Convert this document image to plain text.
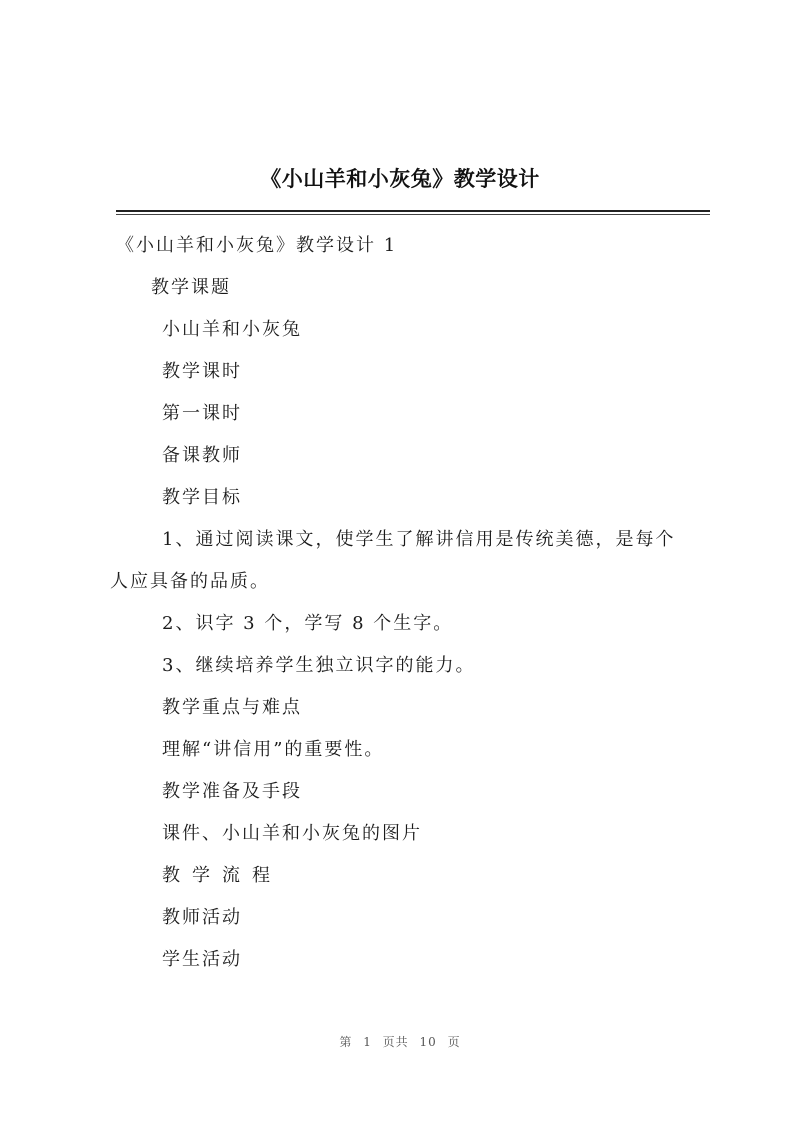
《小山羊和小灰兔》教学设计
《小山羊和小灰兔》教学设计 1
教学课题
小山羊和小灰兔
教学课时
第一课时
备课教师
教学目标
1、通过阅读课文，使学生了解讲信用是传统美德，是每个
人应具备的品质。
2、识字 3 个，学写 8 个生字。
3、继续培养学生独立识字的能力。
教学重点与难点
理解“讲信用”的重要性。
教学准备及手段
课件、小山羊和小灰兔的图片
教学流程
教师活动
学生活动
第 1 页共 10 页
